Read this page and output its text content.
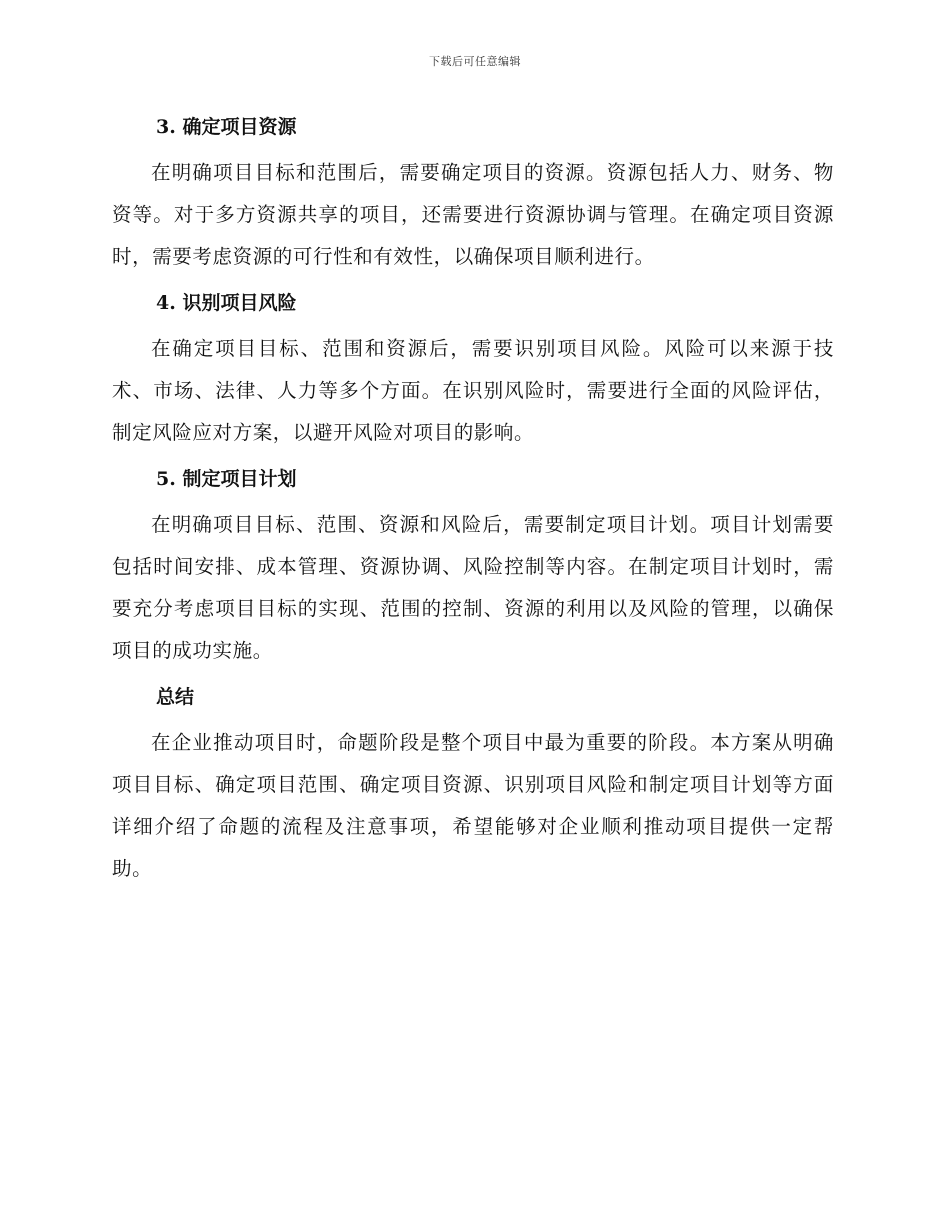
下载后可任意编辑
3. 确定项目资源

在明确项目目标和范围后，需要确定项目的资源。资源包括人力、财务、物资等。对于多方资源共享的项目，还需要进行资源协调与管理。在确定项目资源时，需要考虑资源的可行性和有效性，以确保项目顺利进行。

4. 识别项目风险

在确定项目目标、范围和资源后，需要识别项目风险。风险可以来源于技术、市场、法律、人力等多个方面。在识别风险时，需要进行全面的风险评估，制定风险应对方案，以避开风险对项目的影响。

5. 制定项目计划

在明确项目目标、范围、资源和风险后，需要制定项目计划。项目计划需要包括时间安排、成本管理、资源协调、风险控制等内容。在制定项目计划时，需要充分考虑项目目标的实现、范围的控制、资源的利用以及风险的管理，以确保项目的成功实施。

总结

在企业推动项目时，命题阶段是整个项目中最为重要的阶段。本方案从明确项目目标、确定项目范围、确定项目资源、识别项目风险和制定项目计划等方面详细介绍了命题的流程及注意事项，希望能够对企业顺利推动项目提供一定帮助。
